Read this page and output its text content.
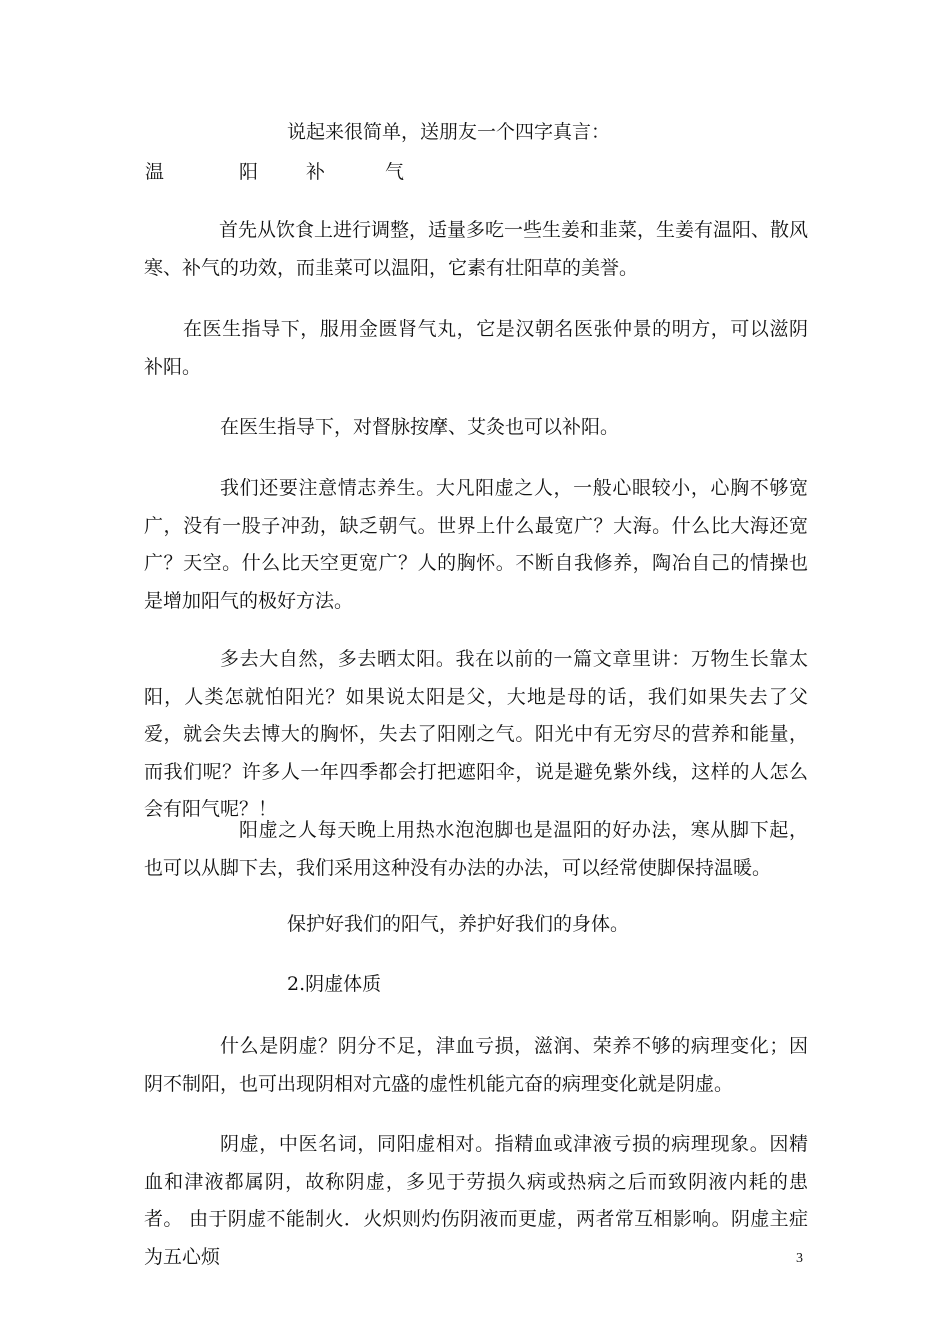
说起来很简单，送朋友一个四字真言：
温	阳	补	气

首先从饮食上进行调整，适量多吃一些生姜和韭菜，生姜有温阳、散风寒、补气的功效，而韭菜可以温阳，它素有壮阳草的美誉。

在医生指导下，服用金匮肾气丸，它是汉朝名医张仲景的明方，可以滋阴补阳。

在医生指导下，对督脉按摩、艾灸也可以补阳。

我们还要注意情志养生。大凡阳虚之人，一般心眼较小，心胸不够宽广，没有一股子冲劲，缺乏朝气。世界上什么最宽广？大海。什么比大海还宽广？天空。什么比天空更宽广？人的胸怀。不断自我修养，陶冶自己的情操也是增加阳气的极好方法。

多去大自然，多去晒太阳。我在以前的一篇文章里讲：万物生长靠太阳，人类怎就怕阳光？如果说太阳是父，大地是母的话，我们如果失去了父爱，就会失去博大的胸怀，失去了阳刚之气。阳光中有无穷尽的营养和能量，而我们呢？许多人一年四季都会打把遮阳伞，说是避免紫外线，这样的人怎么会有阳气呢？！

阳虚之人每天晚上用热水泡泡脚也是温阳的好办法，寒从脚下起，也可以从脚下去，我们采用这种没有办法的办法，可以经常使脚保持温暖。

保护好我们的阳气，养护好我们的身体。
2.阴虚体质

什么是阴虚？阴分不足，津血亏损，滋润、荣养不够的病理变化；因阴不制阳，也可出现阴相对亢盛的虚性机能亢奋的病理变化就是阴虚。

阴虚，中医名词，同阳虚相对。指精血或津液亏损的病理现象。因精血和津液都属阴，故称阴虚，多见于劳损久病或热病之后而致阴液内耗的患者。 由于阴虚不能制火．火炽则灼伤阴液而更虚，两者常互相影响。阴虚主症为五心烦	3
